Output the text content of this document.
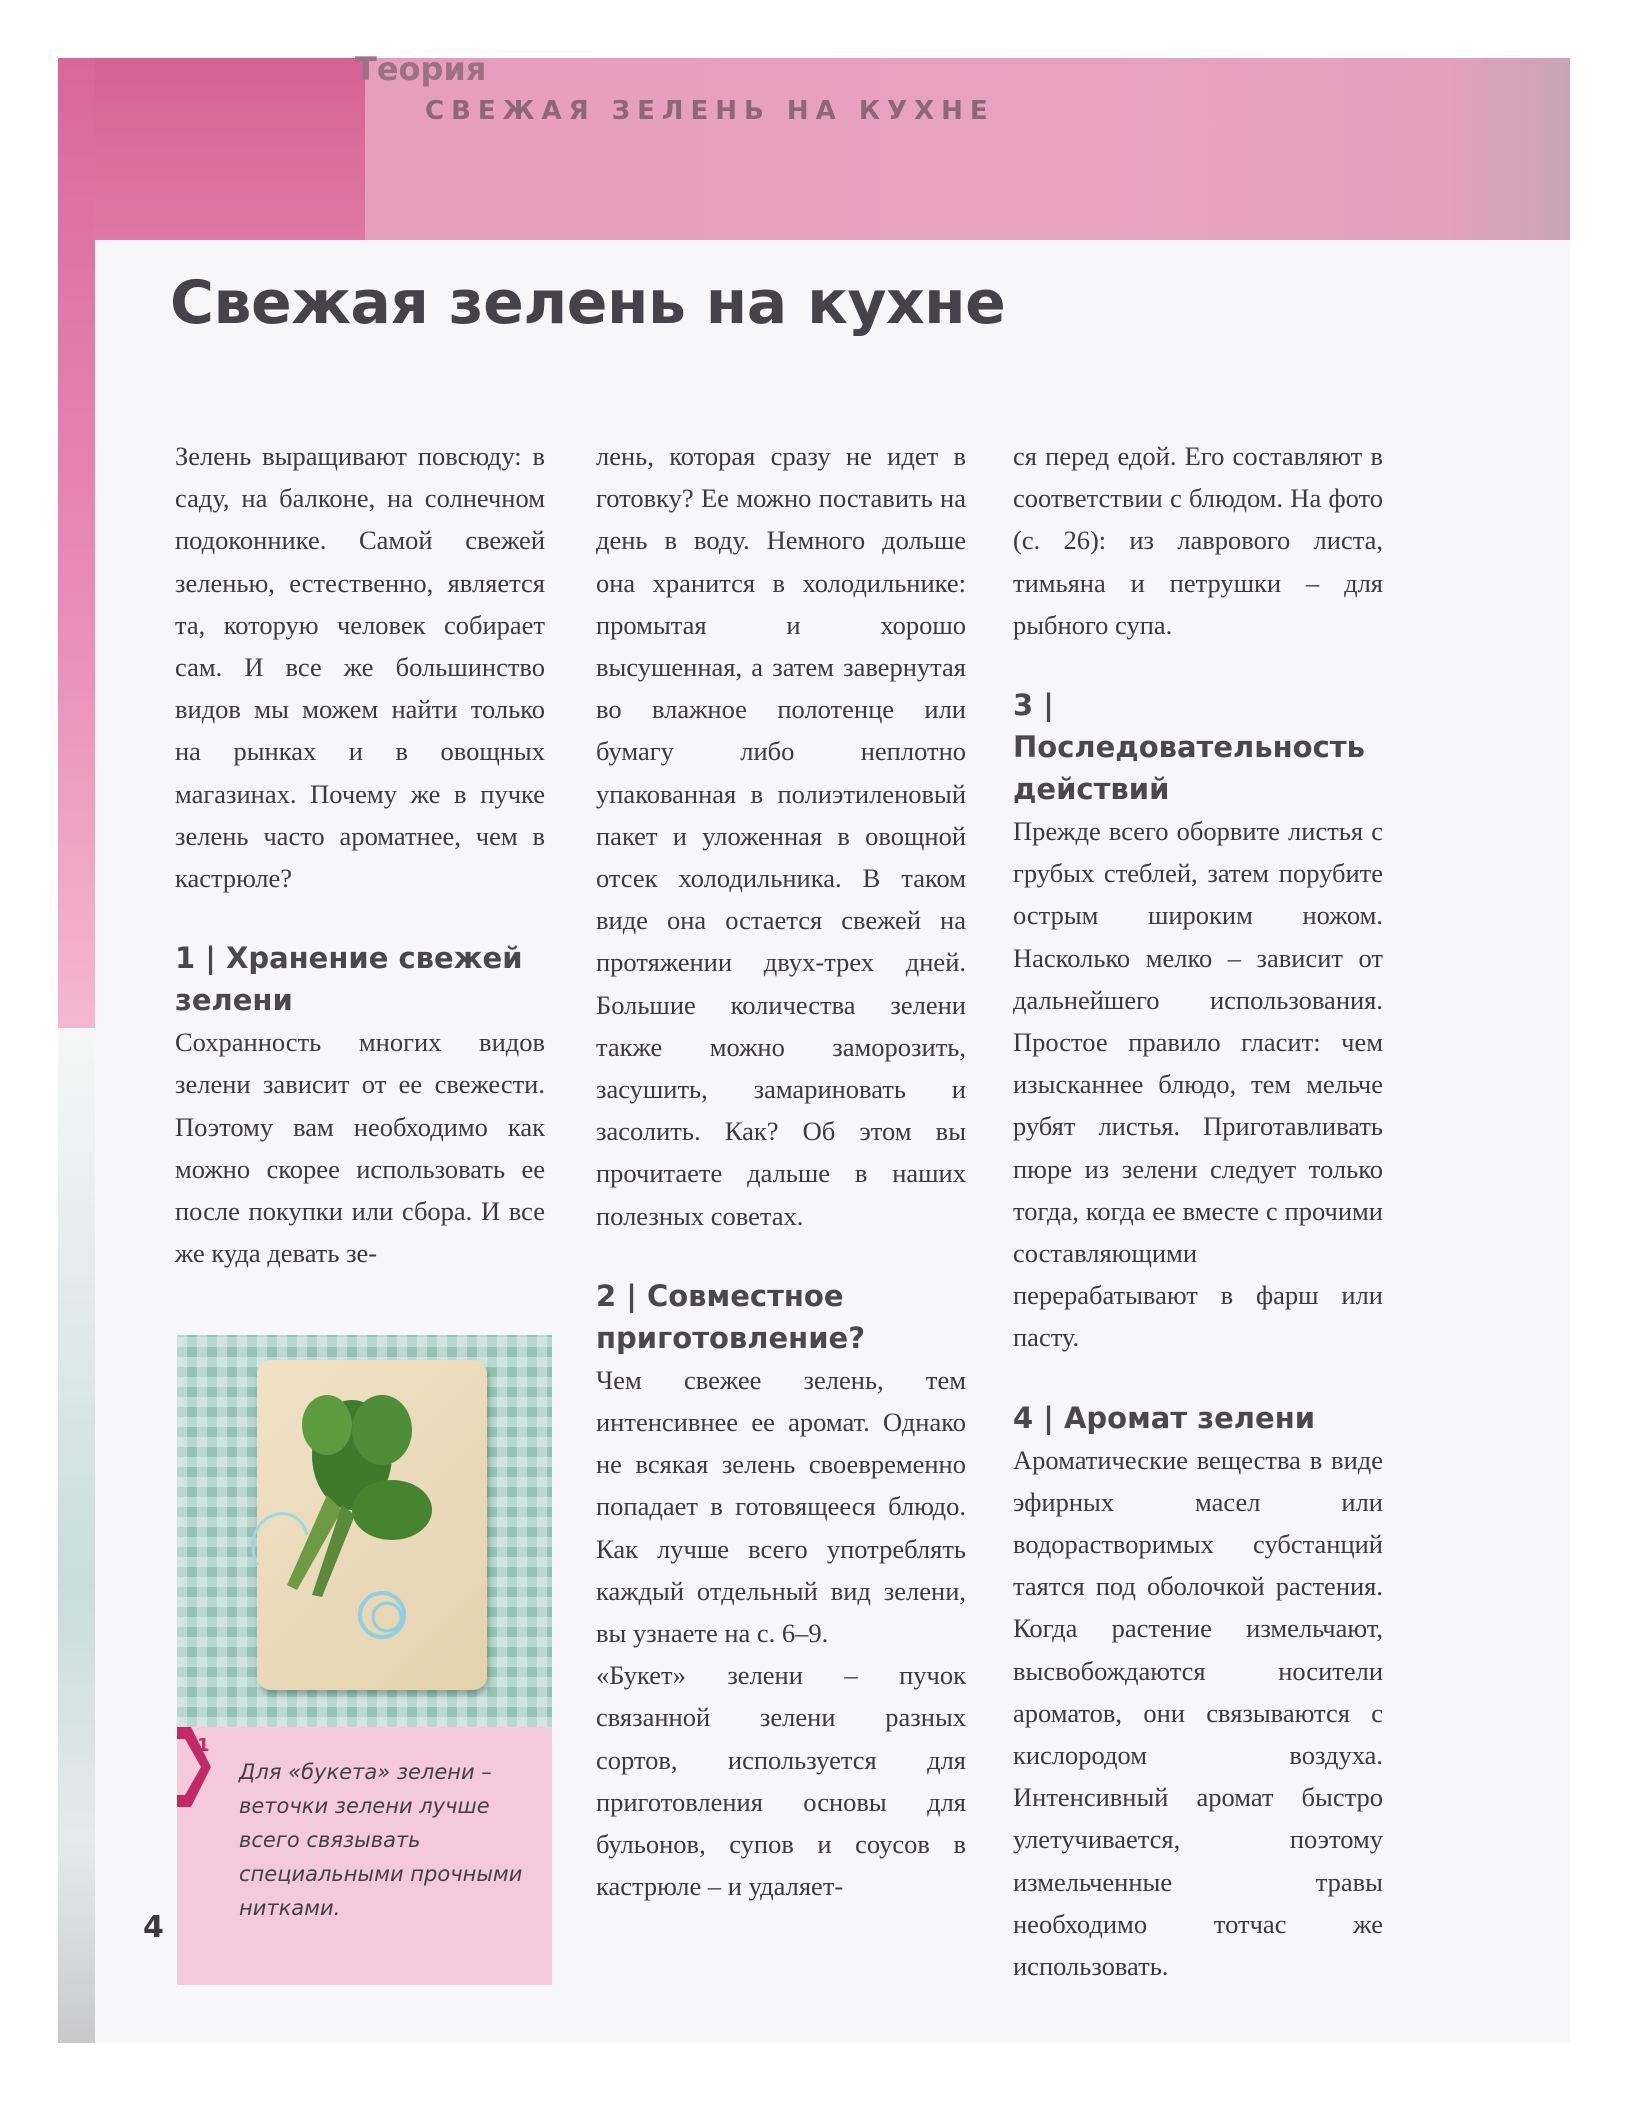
Теория
СВЕЖАЯ ЗЕЛЕНЬ НА КУХНЕ
Свежая зелень на кухне

Зелень выращивают повсюду: в саду, на балконе, на солнечном подоконнике. Самой свежей зеленью, естественно, является та, которую человек собирает сам. И все же большинство видов мы можем найти только на рынках и в овощных магазинах. Почему же в пучке зелень часто ароматнее, чем в кастрюле?

1 | Хранение свежей зелени

Сохранность многих видов зелени зависит от ее свежести. Поэтому вам необходимо как можно скорее использовать ее после покупки или сбора. И все же куда девать зе-

лень, которая сразу не идет в готовку? Ее можно поставить на день в воду. Немного дольше она хранится в холодильнике: промытая и хорошо высушенная, а затем завернутая во влажное полотенце или бумагу либо неплотно упакованная в полиэтиленовый пакет и уложенная в овощной отсек холодильника. В таком виде она остается свежей на протяжении двух-трех дней. Большие количества зелени также можно заморозить, засушить, замариновать и засолить. Как? Об этом вы прочитаете дальше в наших полезных советах.

2 | Совместное приготовление?

Чем свежее зелень, тем интенсивнее ее аромат. Однако не всякая зелень своевременно попадает в готовящееся блюдо. Как лучше всего употреблять каждый отдельный вид зелени, вы узнаете на с. 6–9.

«Букет» зелени – пучок связанной зелени разных сортов, используется для приготовления основы для бульонов, супов и соусов в кастрюле – и удаляет-

ся перед едой. Его составляют в соответствии с блюдом. На фото (с. 26): из лаврового листа, тимьяна и петрушки – для рыбного супа.

3 | Последовательность действий

Прежде всего оборвите листья с грубых стеблей, затем порубите острым широким ножом. Насколько мелко – зависит от дальнейшего использования. Простое правило гласит: чем изысканнее блюдо, тем мельче рубят листья. Приготавливать пюре из зелени следует только тогда, когда ее вместе с прочими составляющими перерабатывают в фарш или пасту.

4 | Аромат зелени

Ароматические вещества в виде эфирных масел или водорастворимых субстанций таятся под оболочкой растения. Когда растение измельчают, высвобождаются носители ароматов, они связываются с кислородом воздуха. Интенсивный аромат быстро улетучивается, поэтому измельченные травы необходимо тотчас же использовать.

1
Для «букета» зелени – веточки зелени лучше всего связывать специальными прочными нитками.
4
